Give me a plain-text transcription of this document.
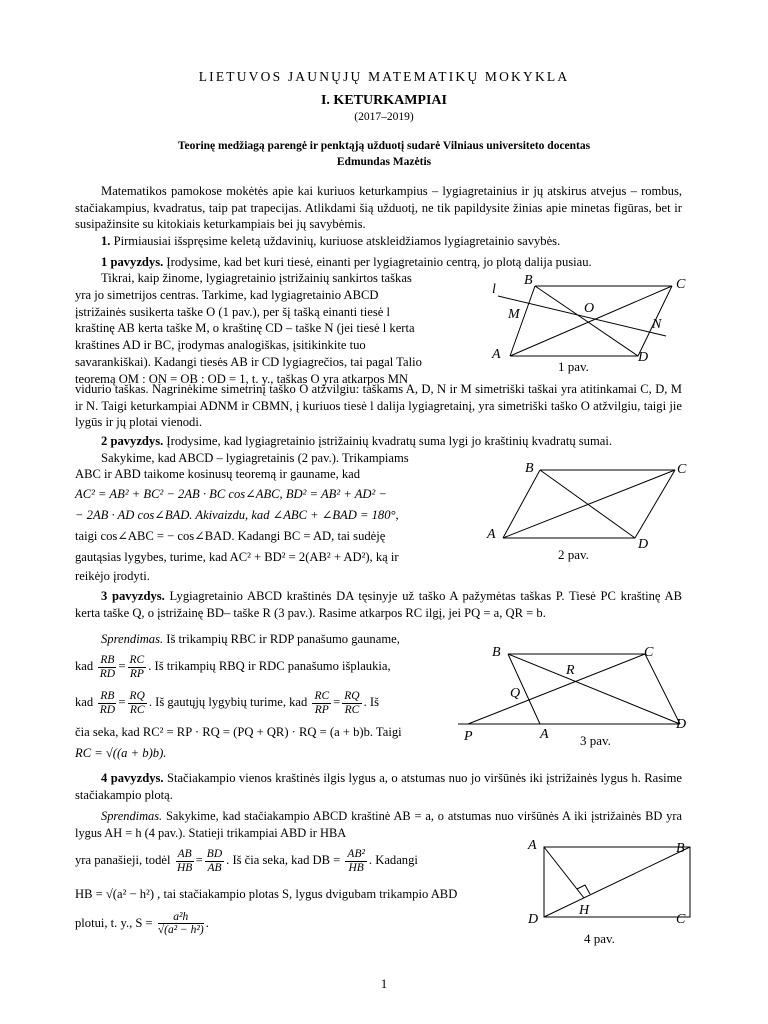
LIETUVOS JAUNŲJŲ MATEMATIKŲ MOKYKLA
I. KETURKAMPIAI
(2017–2019)
Teorinę medžiagą parengė ir penktąją užduotį sudarė Vilniaus universiteto docentas
Edmundas Mazėtis
Matematikos pamokose mokėtės apie kai kuriuos keturkampius – lygiagretainius ir jų atskirus atvejus – rombus, stačiakampius, kvadratus, taip pat trapecijas. Atlikdami šią užduotį, ne tik papildysite žinias apie minetas figūras, bet ir susipažinsite su kitokiais keturkampiais bei jų savybėmis.
1. Pirmiausiai išspręsime keletą uždavinių, kuriuose atskleidžiamos lygiagretainio savybės.
1 pavyzdys. Įrodysime, kad bet kuri tiesė, einanti per lygiagretainio centrą, jo plotą dalija pusiau.
Tikrai, kaip žinome, lygiagretainio įstrižainių sankirtos taškas
yra jo simetrijos centras. Tarkime, kad lygiagretainio ABCD
įstrižainės susikerta taške O (1 pav.), per šį tašką einanti tiesė l
kraštinę AB kerta taške M, o kraštinę CD – taške N (jei tiesė l kerta
kraštines AD ir BC, įrodymas analogiškas, įsitikinkite tuo
savarankiškai). Kadangi tiesės AB ir CD lygiagrečios, tai pagal Talio
teoremą OM : ON = OB : OD = 1, t. y., taškas O yra atkarpos MN
vidurio taškas. Nagrinėkime simetrinį taško O atžvilgiu: taškams A, D, N ir M simetriški taškai yra atitinkamai C, D, M ir N. Taigi keturkampiai ADNM ir CBMN, į kuriuos tiesė l dalija lygiagretainį, yra simetriški taško O atžvilgiu, taigi jie lygūs ir jų plotai vienodi.
l
B	C
M	O
N
A	D
1 pav.
2 pavyzdys. Įrodysime, kad lygiagretainio įstrižainių kvadratų suma lygi jo kraštinių kvadratų sumai.
Sakykime, kad ABCD – lygiagretainis (2 pav.). Trikampiams
ABC ir ABD taikome kosinusų teoremą ir gauname, kad
AC² = AB² + BC² − 2AB · BC cos∠ABC, BD² = AB² + AD² −
− 2AB · AD cos∠BAD. Akivaizdu, kad ∠ABC + ∠BAD = 180°,
taigi cos∠ABC = − cos∠BAD. Kadangi BC = AD, tai sudėję
gautąsias lygybes, turime, kad AC² + BD² = 2(AB² + AD²), ką ir
reikėjo įrodyti.
B	C
A
D
2 pav.
3 pavyzdys. Lygiagretainio ABCD kraštinės DA tęsinyje už taško A pažymėtas taškas P. Tiesė PC kraštinę AB kerta taške Q, o įstrižainę BD– taške R (3 pav.). Rasime atkarpos RC ilgį, jei PQ = a, QR = b.
Sprendimas. Iš trikampių RBC ir RDP panašumo gauname,
kad $\frac{RB}{RD} = \frac{RC}{RP}$ . Iš trikampių RBQ ir RDC panašumo išplaukia,
kad $\frac{RB}{RD} = \frac{RQ}{RC}$ . Iš gautųjų lygybių turime, kad $\frac{RC}{RP} = \frac{RQ}{RC}$ . Iš
čia seka, kad RC² = RP · RQ = (PQ + QR) · RQ = (a + b)b. Taigi
RC = √((a + b)b).
B	C
R
Q
D
P	A 3 pav.
4 pavyzdys. Stačiakampio vienos kraštinės ilgis lygus a, o atstumas nuo jo viršūnės iki įstrižainės lygus h. Rasime stačiakampio plotą.
Sprendimas. Sakykime, kad stačiakampio ABCD kraštinė AB = a, o atstumas nuo viršūnės A iki įstrižainės BD yra lygus AH = h (4 pav.). Statieji trikampiai ABD ir HBA
yra panašieji, todėl $\frac{AB}{HB} = \frac{BD}{AB}$ . Iš čia seka, kad DB = $\frac{\text{AB²}}{HB}$ . Kadangi
HB = √(a² − h²) , tai stačiakampio plotas S, lygus dvigubam trikampio ABD
plotui, t. y., $S = \frac{\text{a²h}}{\text{√(a² − h²)}}$ .
A	B
H
D	C
4 pav.
1
